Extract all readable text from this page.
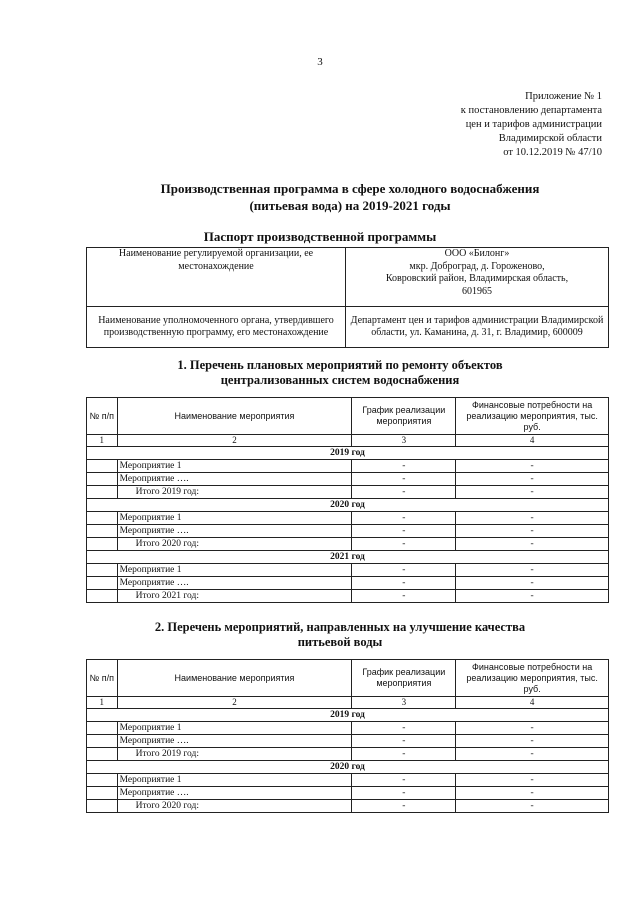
3
Приложение № 1
к постановлению департамента
цен и тарифов администрации
Владимирской области
от 10.12.2019 № 47/10
Производственная программа в сфере холодного водоснабжения
(питьевая вода) на 2019-2021 годы
Паспорт производственной программы
Наименование регулируемой организации, ее местонахождение	ООО «Билонг»
мкр. Доброград, д. Гороженово,
Ковровский район, Владимирская область,
601965

Наименование уполномоченного органа, утвердившего производственную программу, его местонахождение	Департамент цен и тарифов администрации Владимирской области, ул. Каманина, д. 31, г. Владимир, 600009
1. Перечень плановых мероприятий по ремонту объектов
централизованных систем водоснабжения
№ п/п	Наименование мероприятия	График реализации мероприятия	Финансовые потребности на реализацию мероприятия, тыс. руб.
1	2	3	4
2019 год			
	Мероприятие 1	-	-
	Мероприятие ….	-	-
	Итого 2019 год:	-	-
2020 год			
	Мероприятие 1	-	-
	Мероприятие ….	-	-
	Итого 2020 год:	-	-
2021 год			
	Мероприятие 1	-	-
	Мероприятие ….	-	-
	Итого 2021 год:	-	-
2. Перечень мероприятий, направленных на улучшение качества
питьевой воды
№ п/п	Наименование мероприятия	График реализации мероприятия	Финансовые потребности на реализацию мероприятия, тыс. руб.
1	2	3	4
2019 год			
	Мероприятие 1	-	-
	Мероприятие ….	-	-
	Итого 2019 год:	-	-
2020 год			
	Мероприятие 1	-	-
	Мероприятие ….	-	-
	Итого 2020 год:	-	-
